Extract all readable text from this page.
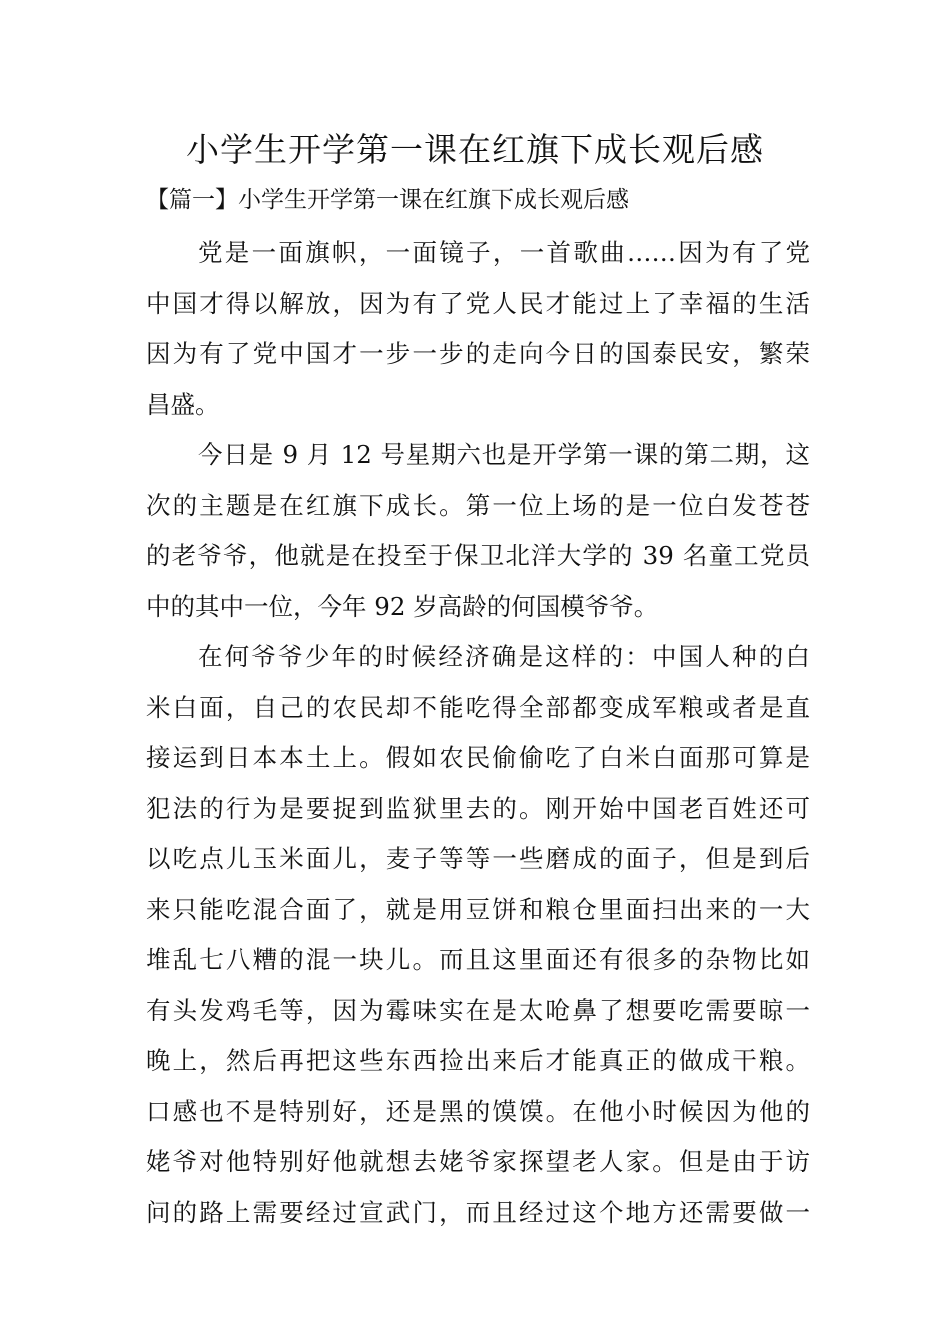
小学生开学第一课在红旗下成长观后感
【篇一】小学生开学第一课在红旗下成长观后感
党是一面旗帜，一面镜子，一首歌曲……因为有了党
中国才得以解放，因为有了党人民才能过上了幸福的生活
因为有了党中国才一步一步的走向今日的国泰民安，繁荣
昌盛。
今日是 9 月 12 号星期六也是开学第一课的第二期，这
次的主题是在红旗下成长。第一位上场的是一位白发苍苍
的老爷爷，他就是在投至于保卫北洋大学的 39 名童工党员
中的其中一位，今年 92 岁高龄的何国模爷爷。
在何爷爷少年的时候经济确是这样的：中国人种的白
米白面，自己的农民却不能吃得全部都变成军粮或者是直
接运到日本本土上。假如农民偷偷吃了白米白面那可算是
犯法的行为是要捉到监狱里去的。刚开始中国老百姓还可
以吃点儿玉米面儿，麦子等等一些磨成的面子，但是到后
来只能吃混合面了，就是用豆饼和粮仓里面扫出来的一大
堆乱七八糟的混一块儿。而且这里面还有很多的杂物比如
有头发鸡毛等，因为霉味实在是太呛鼻了想要吃需要晾一
晚上，然后再把这些东西捡出来后才能真正的做成干粮。
口感也不是特别好，还是黑的馍馍。在他小时候因为他的
姥爷对他特别好他就想去姥爷家探望老人家。但是由于访
问的路上需要经过宣武门，而且经过这个地方还需要做一
